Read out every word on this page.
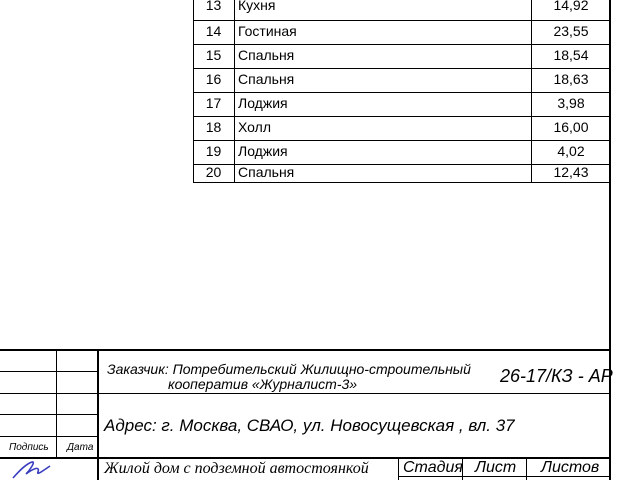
13	Кухня	14,92
14	Гостиная	23,55
15	Спальня	18,54
16	Спальня	18,63
17	Лоджия	3,98
18	Холл	16,00
19	Лоджия	4,02
20	Спальня	12,43
Подпись Дата
Заказчик: Потребительский Жилищно-строительный
кооператив «Журналист-3»	26-17/КЗ - АР
Адрес: г. Москва, СВАО, ул. Новосущевская , вл. 37
Жилой дом с подземной автостоянкой Стадия Лист Листов
